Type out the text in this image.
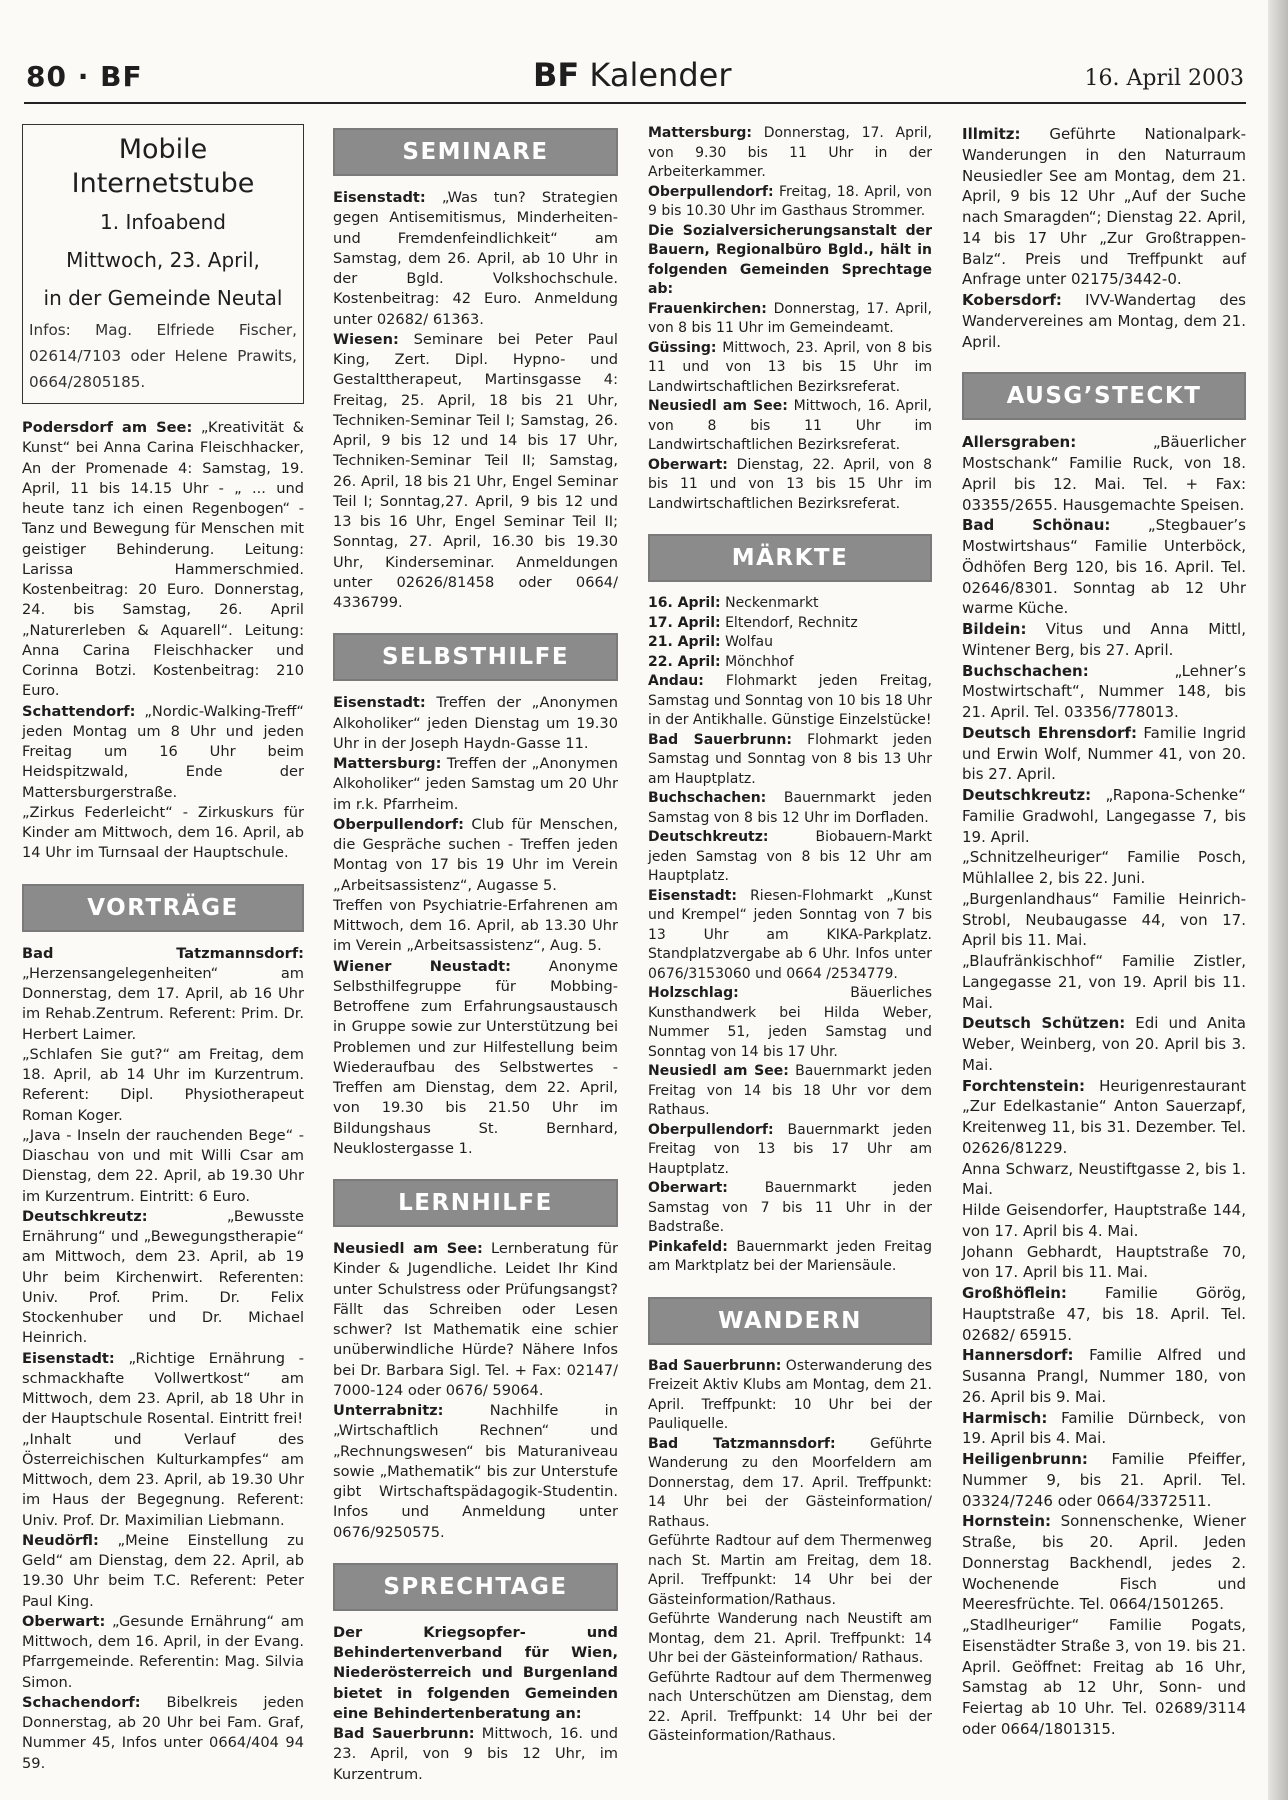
80 · BF	BF Kalender	16. April 2003
Mobile Internetstube
1. Infoabend
Mittwoch, 23. April,
in der Gemeinde Neutal
Infos: Mag. Elfriede Fischer, 02614/7103 oder Helene Prawits, 0664/2805185.

Podersdorf am See: „Kreativität & Kunst“ bei Anna Carina Fleischhacker, An der Promenade 4: Samstag, 19. April, 11 bis 14.15 Uhr - „ ... und heute tanz ich einen Regenbogen“ - Tanz und Bewegung für Menschen mit geistiger Behinderung. Leitung: Larissa Hammerschmied. Kostenbeitrag: 20 Euro. Donnerstag, 24. bis Samstag, 26. April „Naturerleben & Aquarell“. Leitung: Anna Carina Fleischhacker und Corinna Botzi. Kostenbeitrag: 210 Euro.

Schattendorf: „Nordic-Walking-Treff“ jeden Montag um 8 Uhr und jeden Freitag um 16 Uhr beim Heidspitzwald, Ende der Mattersburgerstraße.

„Zirkus Federleicht“ - Zirkuskurs für Kinder am Mittwoch, dem 16. April, ab 14 Uhr im Turnsaal der Hauptschule.

VORTRÄGE

Bad Tatzmannsdorf: „Herzensangelegenheiten“ am Donnerstag, dem 17. April, ab 16 Uhr im Rehab.Zentrum. Referent: Prim. Dr. Herbert Laimer.

„Schlafen Sie gut?“ am Freitag, dem 18. April, ab 14 Uhr im Kurzentrum. Referent: Dipl. Physiotherapeut Roman Koger.

„Java - Inseln der rauchenden Bege“ - Diaschau von und mit Willi Csar am Dienstag, dem 22. April, ab 19.30 Uhr im Kurzentrum. Eintritt: 6 Euro.

Deutschkreutz: „Bewusste Ernährung“ und „Bewegungstherapie“ am Mittwoch, dem 23. April, ab 19 Uhr beim Kirchenwirt. Referenten: Univ. Prof. Prim. Dr. Felix Stockenhuber und Dr. Michael Heinrich.

Eisenstadt: „Richtige Ernährung - schmackhafte Vollwertkost“ am Mittwoch, dem 23. April, ab 18 Uhr in der Hauptschule Rosental. Eintritt frei!

„Inhalt und Verlauf des Österreichischen Kulturkampfes“ am Mittwoch, dem 23. April, ab 19.30 Uhr im Haus der Begegnung. Referent: Univ. Prof. Dr. Maximilian Liebmann.

Neudörfl: „Meine Einstellung zu Geld“ am Dienstag, dem 22. April, ab 19.30 Uhr beim T.C. Referent: Peter Paul King.

Oberwart: „Gesunde Ernährung“ am Mittwoch, dem 16. April, in der Evang. Pfarrgemeinde. Referentin: Mag. Silvia Simon.

Schachendorf: Bibelkreis jeden Donnerstag, ab 20 Uhr bei Fam. Graf, Nummer 45, Infos unter 0664/404 94 59.

SEMINARE

Eisenstadt: „Was tun? Strategien gegen Antisemitismus, Minderheiten- und Fremdenfeindlichkeit“ am Samstag, dem 26. April, ab 10 Uhr in der Bgld. Volkshochschule. Kostenbeitrag: 42 Euro. Anmeldung unter 02682/ 61363.

Wiesen: Seminare bei Peter Paul King, Zert. Dipl. Hypno- und Gestalttherapeut, Martinsgasse 4: Freitag, 25. April, 18 bis 21 Uhr, Techniken-Seminar Teil I; Samstag, 26. April, 9 bis 12 und 14 bis 17 Uhr, Techniken-Seminar Teil II; Samstag, 26. April, 18 bis 21 Uhr, Engel Seminar Teil I; Sonntag,27. April, 9 bis 12 und 13 bis 16 Uhr, Engel Seminar Teil II; Sonntag, 27. April, 16.30 bis 19.30 Uhr, Kinderseminar. Anmeldungen unter 02626/81458 oder 0664/ 4336799.

SELBSTHILFE

Eisenstadt: Treffen der „Anonymen Alkoholiker“ jeden Dienstag um 19.30 Uhr in der Joseph Haydn-Gasse 11.

Mattersburg: Treffen der „Anonymen Alkoholiker“ jeden Samstag um 20 Uhr im r.k. Pfarrheim.

Oberpullendorf: Club für Menschen, die Gespräche suchen - Treffen jeden Montag von 17 bis 19 Uhr im Verein „Arbeitsassistenz“, Augasse 5.

Treffen von Psychiatrie-Erfahrenen am Mittwoch, dem 16. April, ab 13.30 Uhr im Verein „Arbeitsassistenz“, Aug. 5.

Wiener Neustadt: Anonyme Selbsthilfegruppe für Mobbing-Betroffene zum Erfahrungsaustausch in Gruppe sowie zur Unterstützung bei Problemen und zur Hilfestellung beim Wiederaufbau des Selbstwertes - Treffen am Dienstag, dem 22. April, von 19.30 bis 21.50 Uhr im Bildungshaus St. Bernhard, Neuklostergasse 1.

LERNHILFE

Neusiedl am See: Lernberatung für Kinder & Jugendliche. Leidet Ihr Kind unter Schulstress oder Prüfungsangst? Fällt das Schreiben oder Lesen schwer? Ist Mathematik eine schier unüberwindliche Hürde? Nähere Infos bei Dr. Barbara Sigl. Tel. + Fax: 02147/ 7000-124 oder 0676/ 59064.

Unterrabnitz: Nachhilfe in „Wirtschaftlich Rechnen“ und „Rechnungswesen“ bis Maturaniveau sowie „Mathematik“ bis zur Unterstufe gibt Wirtschaftspädagogik-Studentin. Infos und Anmeldung unter 0676/9250575.

SPRECHTAGE

Der Kriegsopfer- und Behindertenverband für Wien, Niederösterreich und Burgenland bietet in folgenden Gemeinden eine Behindertenberatung an:

Bad Sauerbrunn: Mittwoch, 16. und 23. April, von 9 bis 12 Uhr, im Kurzentrum.

Mattersburg: Donnerstag, 17. April, von 9.30 bis 11 Uhr in der Arbeiterkammer.

Oberpullendorf: Freitag, 18. April, von 9 bis 10.30 Uhr im Gasthaus Strommer.

Die Sozialversicherungsanstalt der Bauern, Regionalbüro Bgld., hält in folgenden Gemeinden Sprechtage ab:

Frauenkirchen: Donnerstag, 17. April, von 8 bis 11 Uhr im Gemeindeamt.

Güssing: Mittwoch, 23. April, von 8 bis 11 und von 13 bis 15 Uhr im Landwirtschaftlichen Bezirksreferat.

Neusiedl am See: Mittwoch, 16. April, von 8 bis 11 Uhr im Landwirtschaftlichen Bezirksreferat.

Oberwart: Dienstag, 22. April, von 8 bis 11 und von 13 bis 15 Uhr im Landwirtschaftlichen Bezirksreferat.

MÄRKTE

16. April: Neckenmarkt

17. April: Eltendorf, Rechnitz

21. April: Wolfau

22. April: Mönchhof

Andau: Flohmarkt jeden Freitag, Samstag und Sonntag von 10 bis 18 Uhr in der Antikhalle. Günstige Einzelstücke!

Bad Sauerbrunn: Flohmarkt jeden Samstag und Sonntag von 8 bis 13 Uhr am Hauptplatz.

Buchschachen: Bauernmarkt jeden Samstag von 8 bis 12 Uhr im Dorfladen.

Deutschkreutz: Biobauern-Markt jeden Samstag von 8 bis 12 Uhr am Hauptplatz.

Eisenstadt: Riesen-Flohmarkt „Kunst und Krempel“ jeden Sonntag von 7 bis 13 Uhr am KIKA-Parkplatz. Standplatzvergabe ab 6 Uhr. Infos unter 0676/3153060 und 0664 /2534779.

Holzschlag: Bäuerliches Kunsthandwerk bei Hilda Weber, Nummer 51, jeden Samstag und Sonntag von 14 bis 17 Uhr.

Neusiedl am See: Bauernmarkt jeden Freitag von 14 bis 18 Uhr vor dem Rathaus.

Oberpullendorf: Bauernmarkt jeden Freitag von 13 bis 17 Uhr am Hauptplatz.

Oberwart: Bauernmarkt jeden Samstag von 7 bis 11 Uhr in der Badstraße.

Pinkafeld: Bauernmarkt jeden Freitag am Marktplatz bei der Mariensäule.

WANDERN

Bad Sauerbrunn: Osterwanderung des Freizeit Aktiv Klubs am Montag, dem 21. April. Treffpunkt: 10 Uhr bei der Pauliquelle.

Bad Tatzmannsdorf: Geführte Wanderung zu den Moorfeldern am Donnerstag, dem 17. April. Treffpunkt: 14 Uhr bei der Gästeinformation/ Rathaus.

Geführte Radtour auf dem Thermenweg nach St. Martin am Freitag, dem 18. April. Treffpunkt: 14 Uhr bei der Gästeinformation/Rathaus.

Geführte Wanderung nach Neustift am Montag, dem 21. April. Treffpunkt: 14 Uhr bei der Gästeinformation/ Rathaus.

Geführte Radtour auf dem Thermenweg nach Unterschützen am Dienstag, dem 22. April. Treffpunkt: 14 Uhr bei der Gästeinformation/Rathaus.

Illmitz: Geführte Nationalpark-Wanderungen in den Naturraum Neusiedler See am Montag, dem 21. April, 9 bis 12 Uhr „Auf der Suche nach Smaragden“; Dienstag 22. April, 14 bis 17 Uhr „Zur Großtrappen-Balz“. Preis und Treffpunkt auf Anfrage unter 02175/3442-0.

Kobersdorf: IVV-Wandertag des Wandervereines am Montag, dem 21. April.

AUSG’STECKT

Allersgraben: „Bäuerlicher Mostschank“ Familie Ruck, von 18. April bis 12. Mai. Tel. + Fax: 03355/2655. Hausgemachte Speisen.

Bad Schönau: „Stegbauer’s Mostwirtshaus“ Familie Unterböck, Ödhöfen Berg 120, bis 16. April. Tel. 02646/8301. Sonntag ab 12 Uhr warme Küche.

Bildein: Vitus und Anna Mittl, Wintener Berg, bis 27. April.

Buchschachen: „Lehner’s Mostwirtschaft“, Nummer 148, bis 21. April. Tel. 03356/778013.

Deutsch Ehrensdorf: Familie Ingrid und Erwin Wolf, Nummer 41, von 20. bis 27. April.

Deutschkreutz: „Rapona-Schenke“ Familie Gradwohl, Langegasse 7, bis 19. April.

„Schnitzelheuriger“ Familie Posch, Mühlallee 2, bis 22. Juni.

„Burgenlandhaus“ Familie Heinrich-Strobl, Neubaugasse 44, von 17. April bis 11. Mai.

„Blaufränkischhof“ Familie Zistler, Langegasse 21, von 19. April bis 11. Mai.

Deutsch Schützen: Edi und Anita Weber, Weinberg, von 20. April bis 3. Mai.

Forchtenstein: Heurigenrestaurant „Zur Edelkastanie“ Anton Sauerzapf, Kreitenweg 11, bis 31. Dezember. Tel. 02626/81229.

Anna Schwarz, Neustiftgasse 2, bis 1. Mai.

Hilde Geisendorfer, Hauptstraße 144, von 17. April bis 4. Mai.

Johann Gebhardt, Hauptstraße 70, von 17. April bis 11. Mai.

Großhöflein: Familie Görög, Hauptstraße 47, bis 18. April. Tel. 02682/ 65915.

Hannersdorf: Familie Alfred und Susanna Prangl, Nummer 180, von 26. April bis 9. Mai.

Harmisch: Familie Dürnbeck, von 19. April bis 4. Mai.

Heiligenbrunn: Familie Pfeiffer, Nummer 9, bis 21. April. Tel. 03324/7246 oder 0664/3372511.

Hornstein: Sonnenschenke, Wiener Straße, bis 20. April. Jeden Donnerstag Backhendl, jedes 2. Wochenende Fisch und Meeresfrüchte. Tel. 0664/1501265.

„Stadlheuriger“ Familie Pogats, Eisenstädter Straße 3, von 19. bis 21. April. Geöffnet: Freitag ab 16 Uhr, Samstag ab 12 Uhr, Sonn- und Feiertag ab 10 Uhr. Tel. 02689/3114 oder 0664/1801315.
